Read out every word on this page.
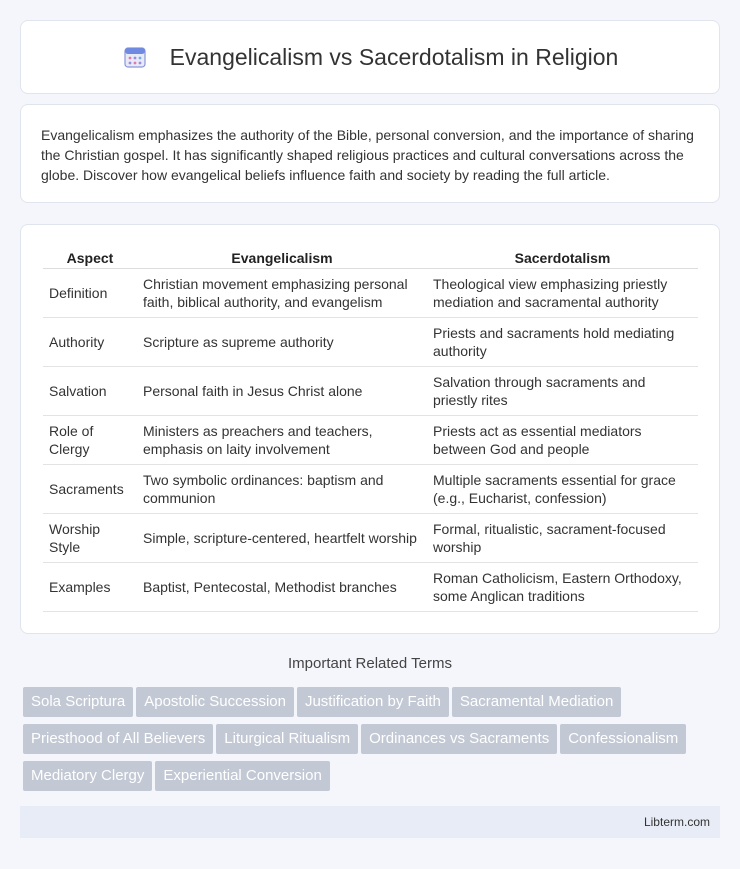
Evangelicalism vs Sacerdotalism in Religion

Evangelicalism emphasizes the authority of the Bible, personal conversion, and the importance of sharing the Christian gospel. It has significantly shaped religious practices and cultural conversations across the globe. Discover how evangelical beliefs influence faith and society by reading the full article.

Aspect	Evangelicalism	Sacerdotalism
Definition	Christian movement emphasizing personal faith, biblical authority, and evangelism	Theological view emphasizing priestly mediation and sacramental authority
Authority	Scripture as supreme authority	Priests and sacraments hold mediating authority
Salvation	Personal faith in Jesus Christ alone	Salvation through sacraments and priestly rites
Role of Clergy	Ministers as preachers and teachers, emphasis on laity involvement	Priests act as essential mediators between God and people
Sacraments	Two symbolic ordinances: baptism and communion	Multiple sacraments essential for grace (e.g., Eucharist, confession)
Worship Style	Simple, scripture-centered, heartfelt worship	Formal, ritualistic, sacrament-focused worship
Examples	Baptist, Pentecostal, Methodist branches	Roman Catholicism, Eastern Orthodoxy, some Anglican traditions
Important Related Terms
Sola Scriptura Apostolic Succession Justification by Faith Sacramental MediationPriesthood of All Believers Liturgical Ritualism Ordinances vs Sacraments ConfessionalismMediatory Clergy Experiential Conversion
Libterm.com
